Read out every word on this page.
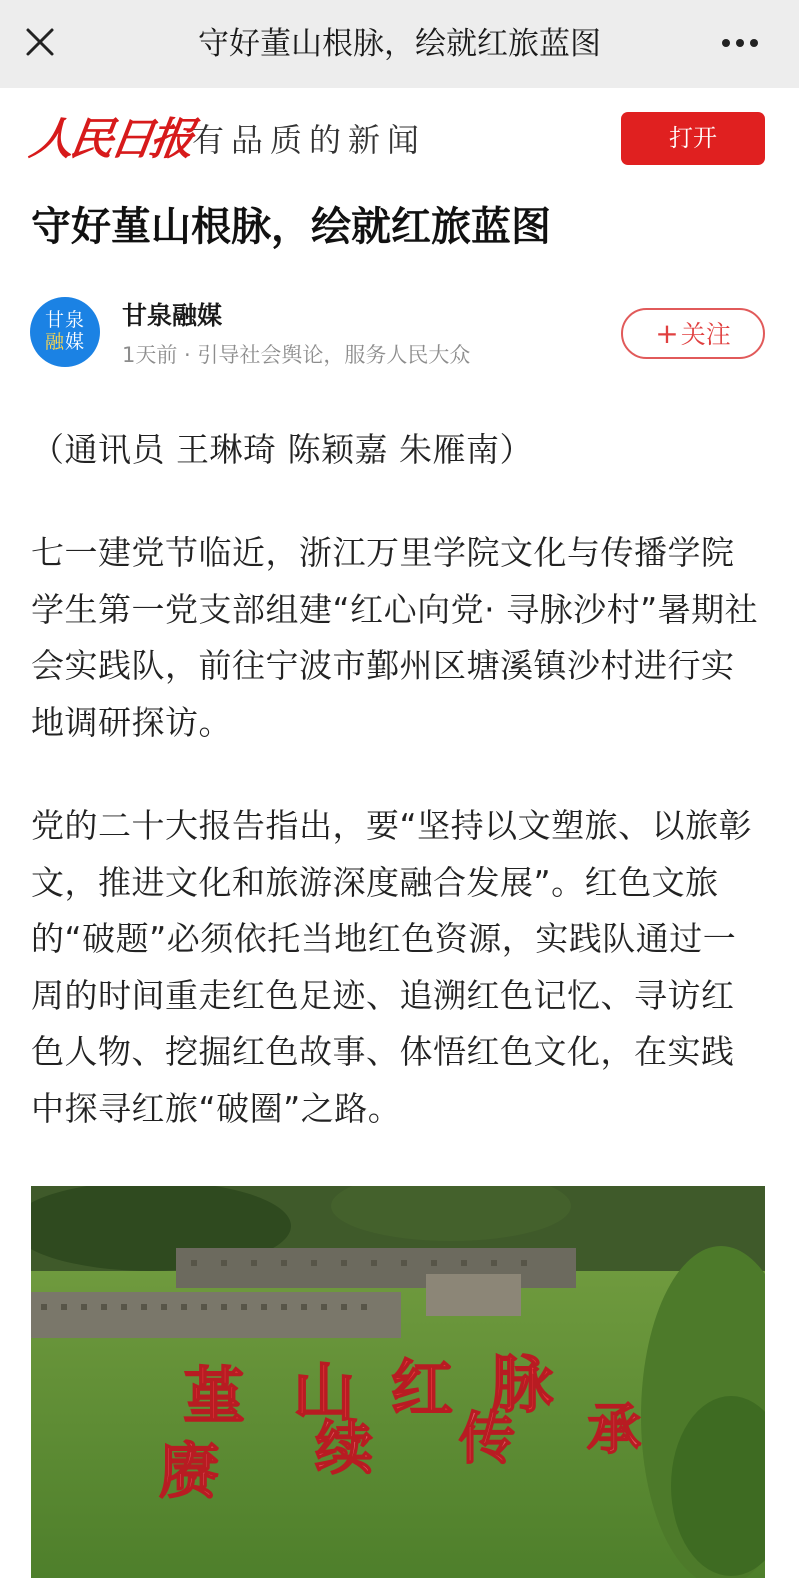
守好董山根脉，绘就红旅蓝图
人民日报
有品质的新闻	打开
守好堇山根脉，绘就红旅蓝图
甘泉
融媒
甘泉融媒
1天前 · 引导社会舆论，服务人民大众
+关注
（通讯员 王琳琦 陈颖嘉 朱雁南）
七一建党节临近，浙江万里学院文化与传播学院学生第一党支部组建“红心向党· 寻脉沙村”暑期社会实践队，前往宁波市鄞州区塘溪镇沙村进行实地调研探访。
党的二十大报告指出，要“坚持以文塑旅、以旅彰文，推进文化和旅游深度融合发展”。红色文旅的“破题”必须依托当地红色资源，实践队通过一周的时间重走红色足迹、追溯红色记忆、寻访红色人物、挖掘红色故事、体悟红色文化，在实践中探寻红旅“破圈”之路。
堇 山 红 脉
赓 续 传 承
